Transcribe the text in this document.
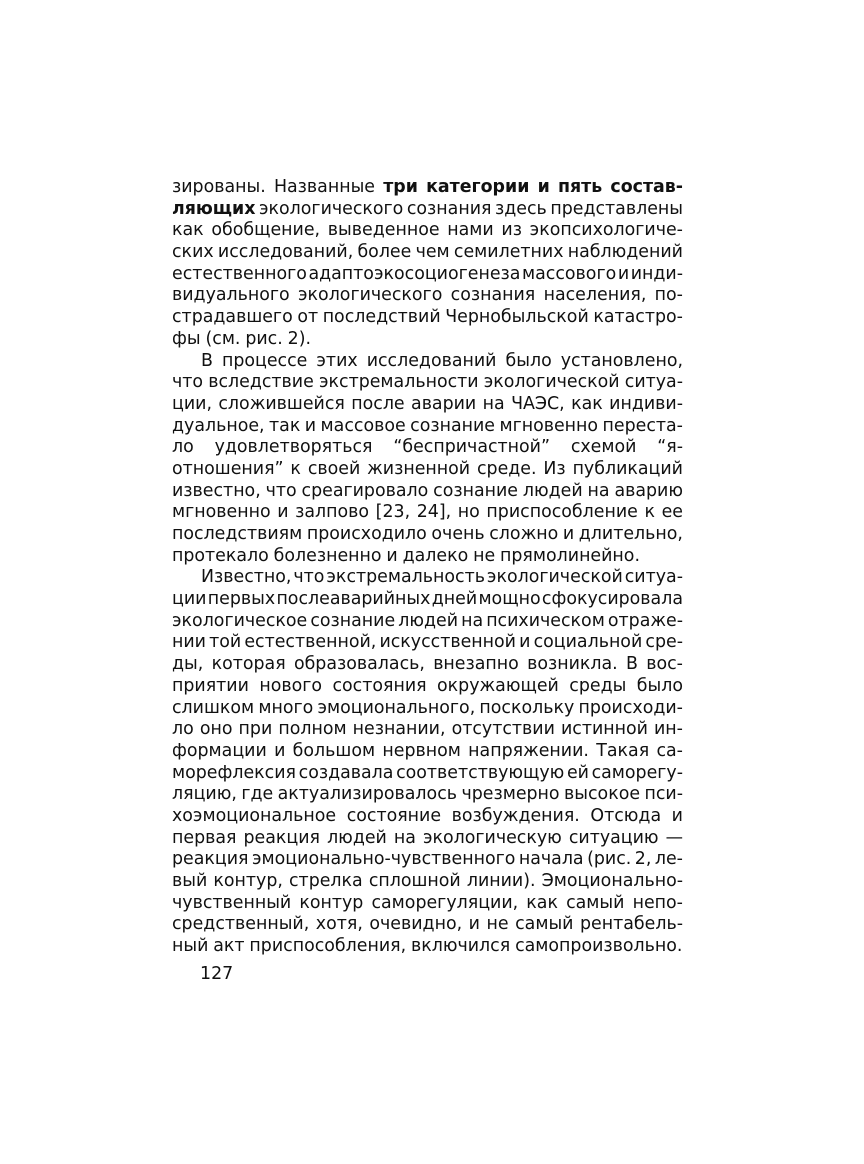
зированы. Названные три категории и пять состав-
ляющих экологического сознания здесь представлены
как обобщение, выведенное нами из экопсихологиче-
ских исследований, более чем семилетних наблюдений
естественного адаптоэкосоциогенеза массового и инди-
видуального экологического сознания населения, по-
страдавшего от последствий Чернобыльской катастро-
фы (см. рис. 2).
В процессе этих исследований было установлено,
что вследствие экстремальности экологической ситуа-
ции, сложившейся после аварии на ЧАЭС, как индиви-
дуальное, так и массовое сознание мгновенно переста-
ло удовлетворяться “беспричастной” схемой “я-
отношения” к своей жизненной среде. Из публикаций
известно, что среагировало сознание людей на аварию
мгновенно и залпово [23, 24], но приспособление к ее
последствиям происходило очень сложно и длительно,
протекало болезненно и далеко не прямолинейно.
Известно, что экстремальность экологической ситуа-
ции первых послеаварийных дней мощно сфокусировала
экологическое сознание людей на психическом отраже-
нии той естественной, искусственной и социальной сре-
ды, которая образовалась, внезапно возникла. В вос-
приятии нового состояния окружающей среды было
слишком много эмоционального, поскольку происходи-
ло оно при полном незнании, отсутствии истинной ин-
формации и большом нервном напряжении. Такая са-
морефлексия создавала соответствующую ей саморегу-
ляцию, где актуализировалось чрезмерно высокое пси-
хоэмоциональное состояние возбуждения. Отсюда и
первая реакция людей на экологическую ситуацию —
реакция эмоционально-чувственного начала (рис. 2, ле-
вый контур, стрелка сплошной линии). Эмоционально-
чувственный контур саморегуляции, как самый непо-
средственный, хотя, очевидно, и не самый рентабель-
ный акт приспособления, включился самопроизвольно.
127
